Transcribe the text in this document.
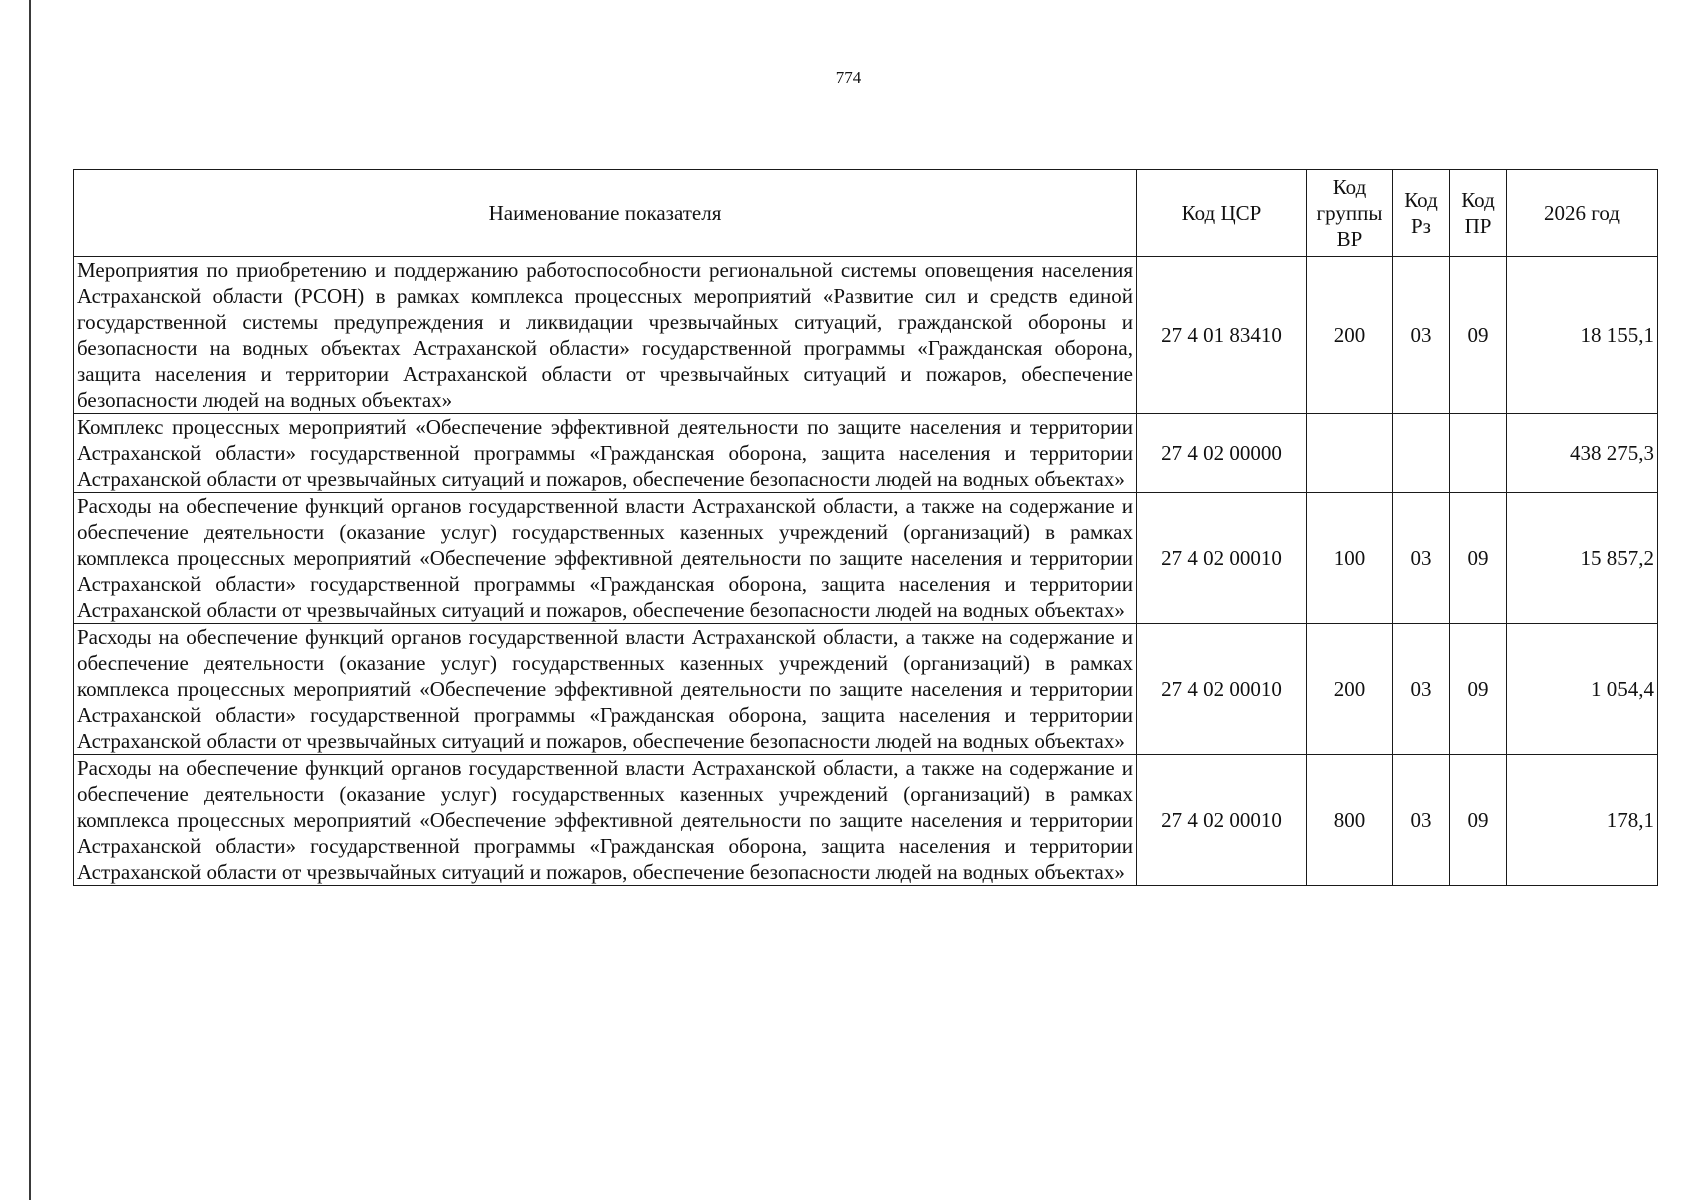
774
Наименование показателя	Код ЦСР	Код группы ВР	Код Рз	Код ПР	2026 год
Мероприятия по приобретению и поддержанию работоспособности региональной системы оповещения населения Астраханской области (РСОН) в рамках комплекса процессных мероприятий «Развитие сил и средств единой государственной системы предупреждения и ликвидации чрезвычайных ситуаций, гражданской обороны и безопасности на водных объектах Астраханской области» государственной программы «Гражданская оборона, защита населения и территории Астраханской области от чрезвычайных ситуаций и пожаров, обеспечение безопасности людей на водных объектах»	27 4 01 83410	200	03	09	18 155,1
Комплекс процессных мероприятий «Обеспечение эффективной деятельности по защите населения и территории Астраханской области» государственной программы «Гражданская оборона, защита населения и территории Астраханской области от чрезвычайных ситуаций и пожаров, обеспечение безопасности людей на водных объектах»	27 4 02 00000				438 275,3
Расходы на обеспечение функций органов государственной власти Астраханской области, а также на содержание и обеспечение деятельности (оказание услуг) государственных казенных учреждений (организаций) в рамках комплекса процессных мероприятий «Обеспечение эффективной деятельности по защите населения и территории Астраханской области» государственной программы «Гражданская оборона, защита населения и территории Астраханской области от чрезвычайных ситуаций и пожаров, обеспечение безопасности людей на водных объектах»	27 4 02 00010	100	03	09	15 857,2
Расходы на обеспечение функций органов государственной власти Астраханской области, а также на содержание и обеспечение деятельности (оказание услуг) государственных казенных учреждений (организаций) в рамках комплекса процессных мероприятий «Обеспечение эффективной деятельности по защите населения и территории Астраханской области» государственной программы «Гражданская оборона, защита населения и территории Астраханской области от чрезвычайных ситуаций и пожаров, обеспечение безопасности людей на водных объектах»	27 4 02 00010	200	03	09	1 054,4
Расходы на обеспечение функций органов государственной власти Астраханской области, а также на содержание и обеспечение деятельности (оказание услуг) государственных казенных учреждений (организаций) в рамках комплекса процессных мероприятий «Обеспечение эффективной деятельности по защите населения и территории Астраханской области» государственной программы «Гражданская оборона, защита населения и территории Астраханской области от чрезвычайных ситуаций и пожаров, обеспечение безопасности людей на водных объектах»	27 4 02 00010	800	03	09	178,1
